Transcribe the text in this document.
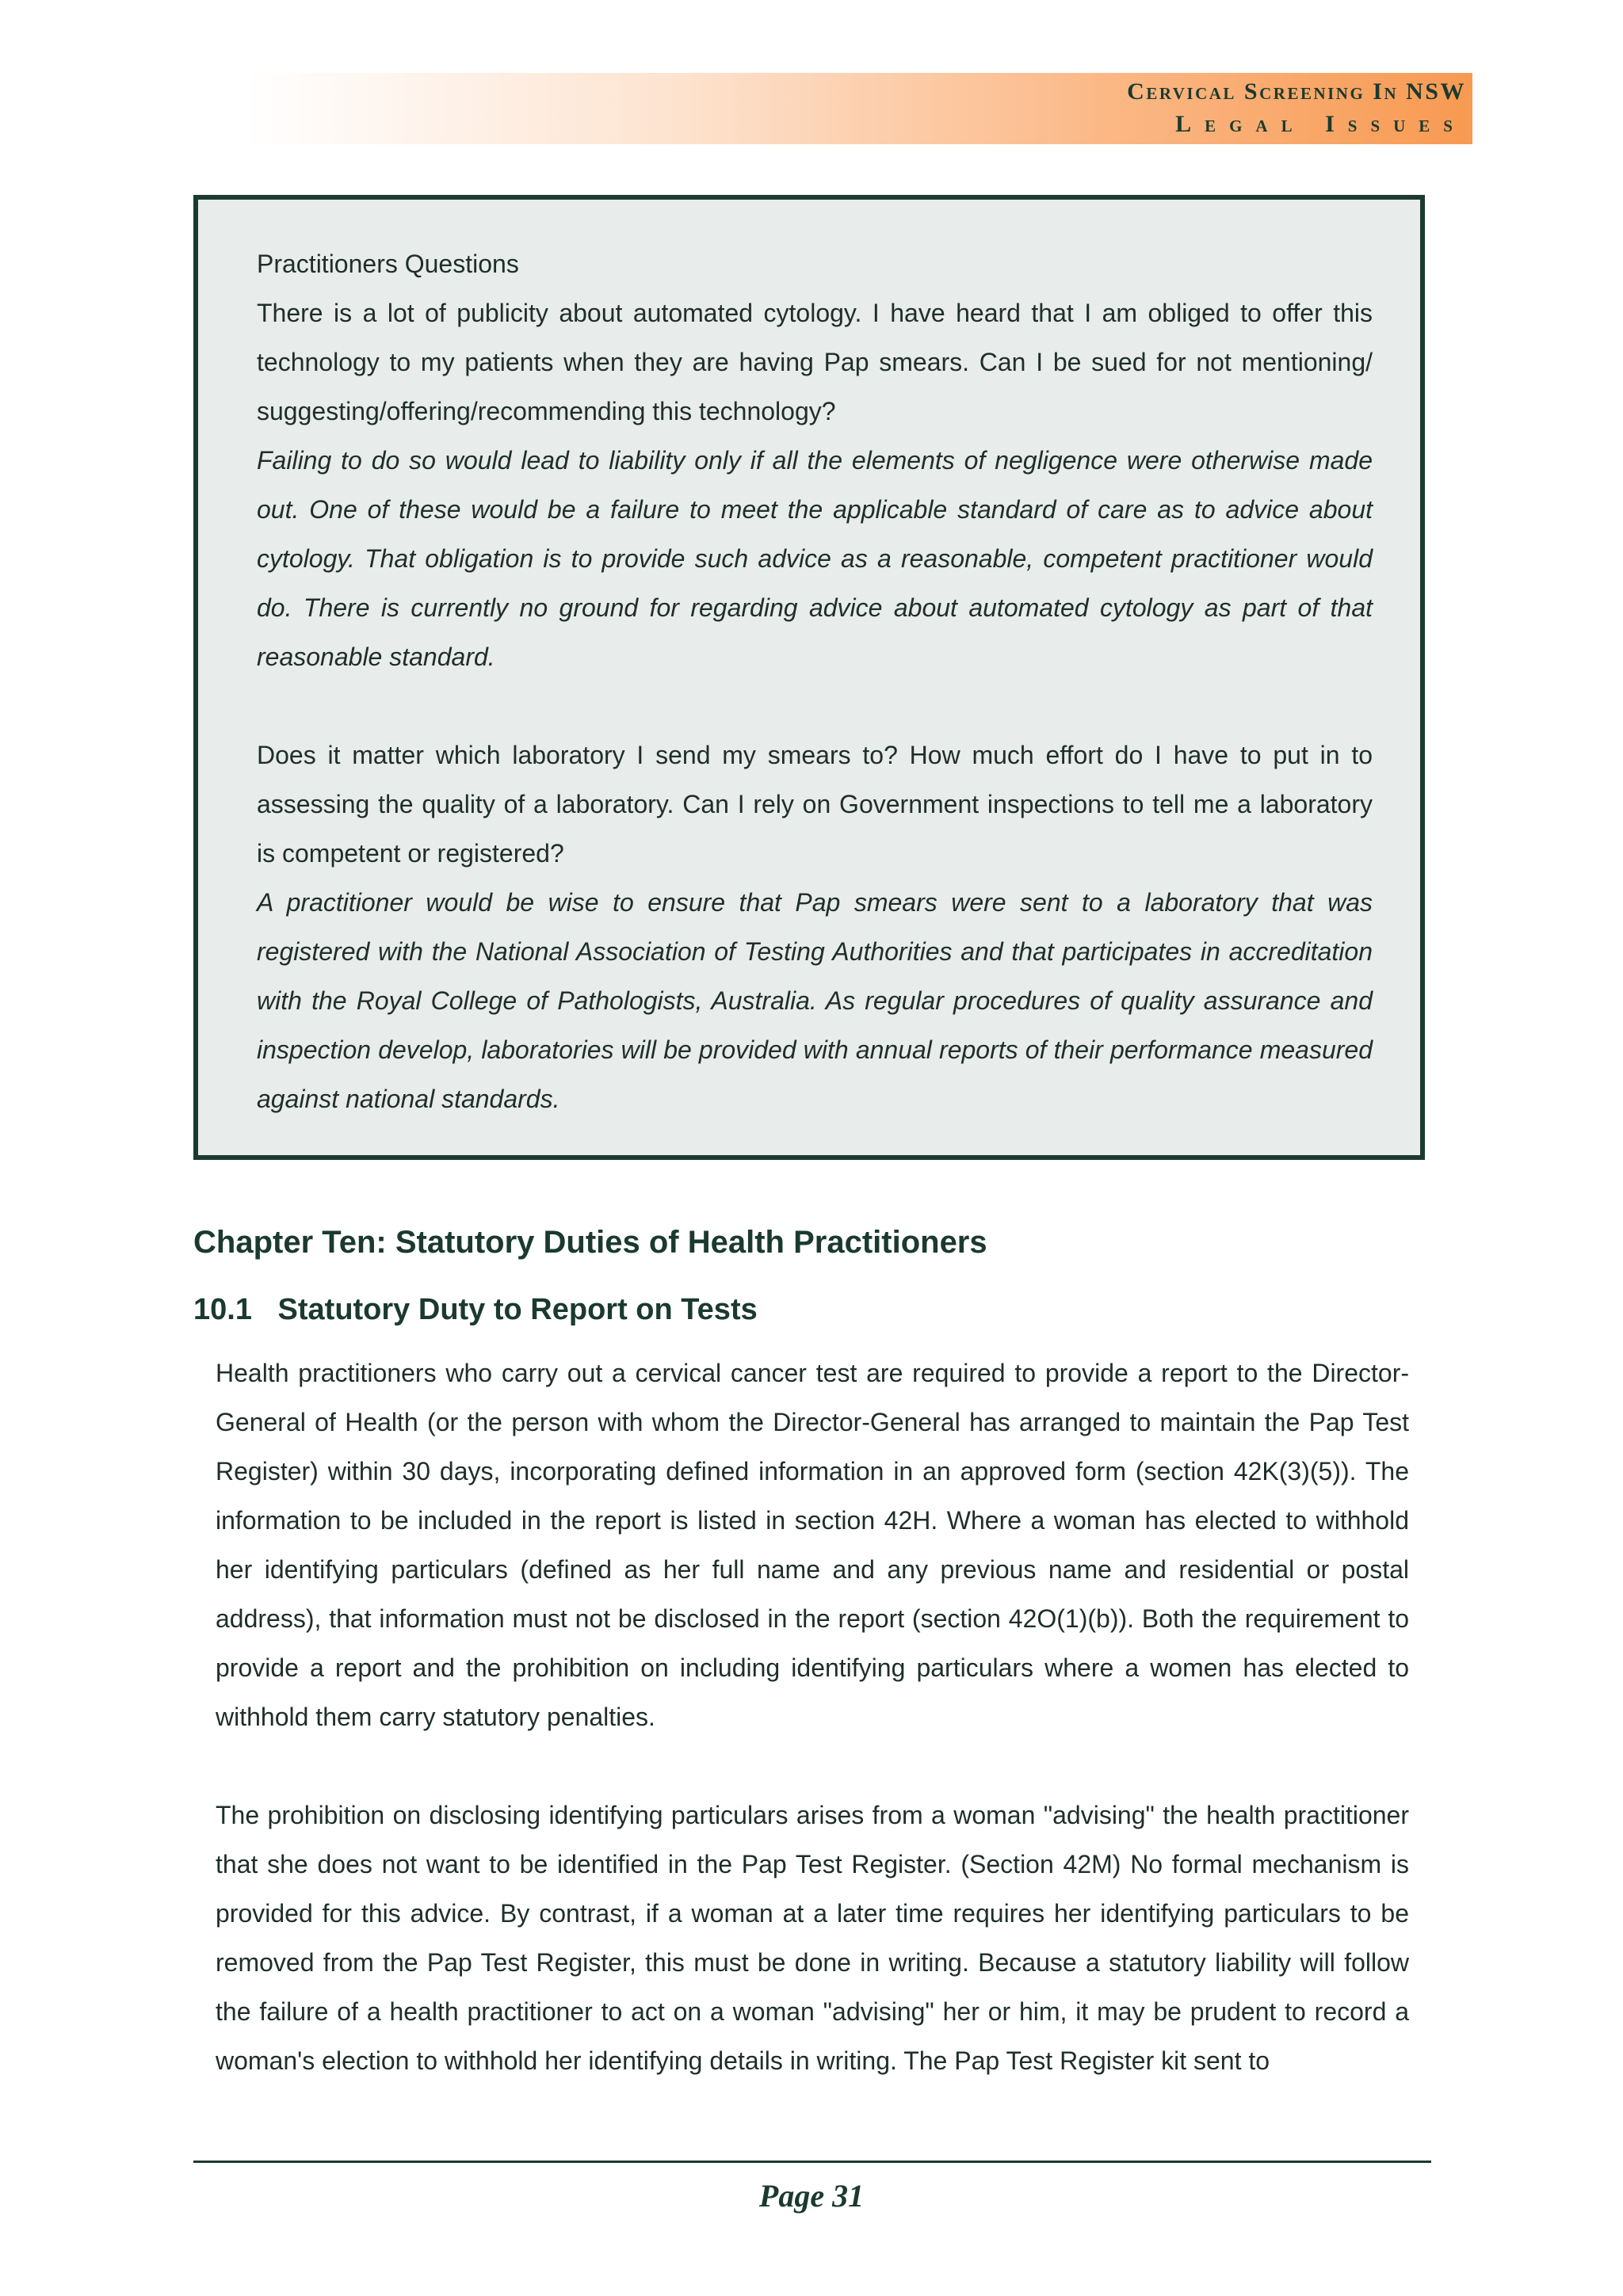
Cervical Screening In NSW
Legal Issues

Practitioners Questions

There is a lot of publicity about automated cytology. I have heard that I am obliged to offer this technology to my patients when they are having Pap smears. Can I be sued for not mentioning/ suggesting/offering/recommending this technology?

Failing to do so would lead to liability only if all the elements of negligence were otherwise made out. One of these would be a failure to meet the applicable standard of care as to advice about cytology. That obligation is to provide such advice as a reasonable, competent practitioner would do. There is currently no ground for regarding advice about automated cytology as part of that reasonable standard.

Does it matter which laboratory I send my smears to? How much effort do I have to put in to assessing the quality of a laboratory. Can I rely on Government inspections to tell me a laboratory is competent or registered?

A practitioner would be wise to ensure that Pap smears were sent to a laboratory that was registered with the National Association of Testing Authorities and that participates in accreditation with the Royal College of Pathologists, Australia. As regular procedures of quality assurance and inspection develop, laboratories will be provided with annual reports of their performance measured against national standards.

Chapter Ten: Statutory Duties of Health Practitioners
10.1 Statutory Duty to Report on Tests

Health practitioners who carry out a cervical cancer test are required to provide a report to the Director-General of Health (or the person with whom the Director-General has arranged to maintain the Pap Test Register) within 30 days, incorporating defined information in an approved form (section 42K(3)(5)). The information to be included in the report is listed in section 42H. Where a woman has elected to withhold her identifying particulars (defined as her full name and any previous name and residential or postal address), that information must not be disclosed in the report (section 42O(1)(b)). Both the requirement to provide a report and the prohibition on including identifying particulars where a women has elected to withhold them carry statutory penalties.

The prohibition on disclosing identifying particulars arises from a woman "advising" the health practitioner that she does not want to be identified in the Pap Test Register. (Section 42M) No formal mechanism is provided for this advice. By contrast, if a woman at a later time requires her identifying particulars to be removed from the Pap Test Register, this must be done in writing. Because a statutory liability will follow the failure of a health practitioner to act on a woman "advising" her or him, it may be prudent to record a woman's election to withhold her identifying details in writing. The Pap Test Register kit sent to

Page 31
